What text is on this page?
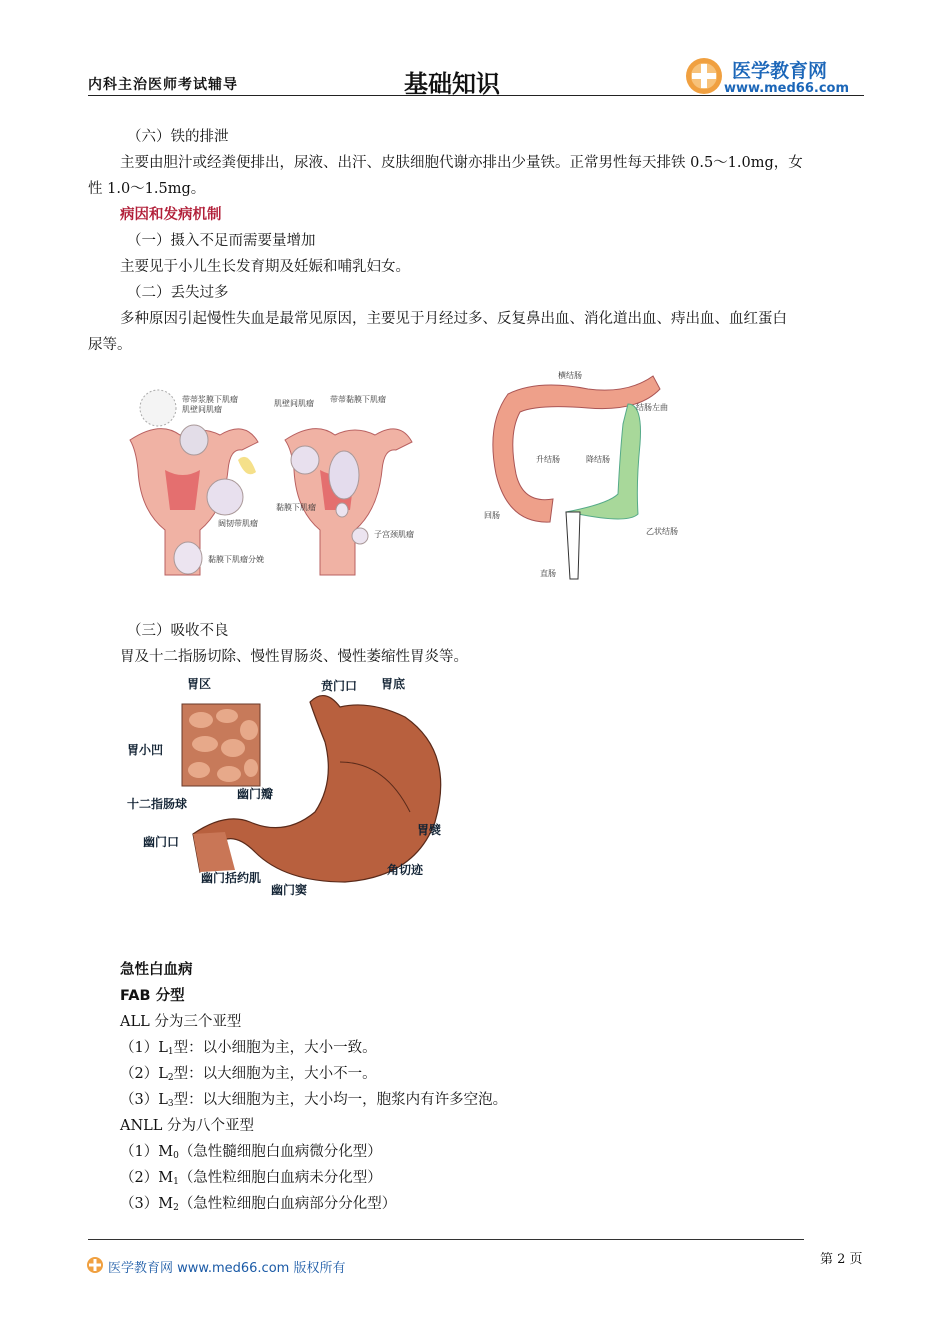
内科主治医师考试辅导	基础知识	医学教育网
www.med66.com
（六）铁的排泄
主要由胆汁或经粪便排出，尿液、出汗、皮肤细胞代谢亦排出少量铁。正常男性每天排铁 0.5～1.0mg，女
性 1.0～1.5mg。
病因和发病机制
（一）摄入不足而需要量增加
主要见于小儿生长发育期及妊娠和哺乳妇女。
（二）丢失过多
多种原因引起慢性失血是最常见原因，主要见于月经过多、反复鼻出血、消化道出血、痔出血、血红蛋白
尿等。
带蒂浆膜下肌瘤
肌壁间肌瘤
阔韧带肌瘤
黏膜下肌瘤分娩
肌壁间肌瘤 带蒂黏膜下肌瘤
黏膜下肌瘤
子宫颈肌瘤
横结肠
结肠左曲
升结肠	降结肠
回肠
乙状结肠
直肠
（三）吸收不良
胃及十二指肠切除、慢性胃肠炎、慢性萎缩性胃炎等。
胃区	贲门口 胃底
胃小凹
幽门瓣
十二指肠球
幽门口
胃襞
角切迹
幽门括约肌
幽门窦
急性白血病
FAB 分型
ALL 分为三个亚型
$(1)L_1$型：以小细胞为主，大小一致。
$(2)L_2$型：以大细胞为主，大小不一。
$(3)L_3$型：以大细胞为主，大小均一，胞浆内有许多空泡。
ANLL 分为八个亚型
$(1)M_0$（急性髓细胞白血病微分化型）
$(2)M_1$（急性粒细胞白血病未分化型）
$(3)M_2$（急性粒细胞白血病部分分化型）
医学教育网 www.med66.com 版权所有
第 2 页
